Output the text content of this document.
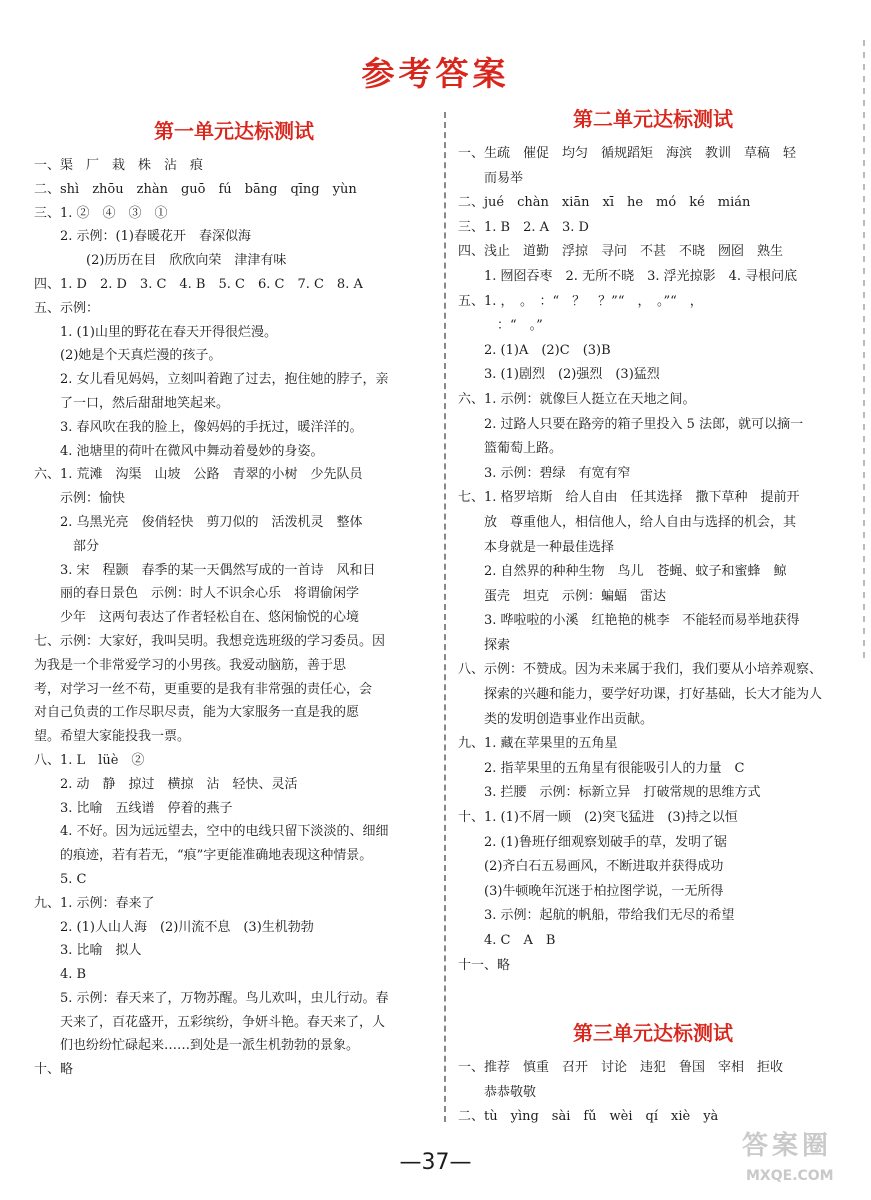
参考答案
第一单元达标测试
一、渠　厂　栽　株　沾　痕
二、shì　zhōu　zhàn　guō　fú　bāng　qīng　yùn
三、1. ②　④　③　①
　　2. 示例：(1)春暖花开　春深似海
　　　　(2)历历在目　欣欣向荣　津津有味
四、1. D　2. D　3. C　4. B　5. C　6. C　7. C　8. A
五、示例：
　　1. (1)山里的野花在春天开得很烂漫。
　　(2)她是个天真烂漫的孩子。
　　2. 女儿看见妈妈，立刻叫着跑了过去，抱住她的脖子，亲
　　了一口，然后甜甜地笑起来。
　　3. 春风吹在我的脸上，像妈妈的手抚过，暖洋洋的。
　　4. 池塘里的荷叶在微风中舞动着曼妙的身姿。
六、1. 荒滩　沟渠　山坡　公路　青翠的小树　少先队员
　　示例：愉快
　　2. 乌黑光亮　俊俏轻快　剪刀似的　活泼机灵　整体
　　　部分
　　3. 宋　程颢　春季的某一天偶然写成的一首诗　风和日
　　丽的春日景色　示例：时人不识余心乐　将谓偷闲学
　　少年　这两句表达了作者轻松自在、悠闲愉悦的心境
七、示例：大家好，我叫吴明。我想竞选班级的学习委员。因
为我是一个非常爱学习的小男孩。我爱动脑筋，善于思
考，对学习一丝不苟，更重要的是我有非常强的责任心，会
对自己负责的工作尽职尽责，能为大家服务一直是我的愿
望。希望大家能投我一票。
八、1. L　lüè　②
　　2. 动　静　掠过　横掠　沾　轻快、灵活
　　3. 比喻　五线谱　停着的燕子
　　4. 不好。因为远远望去，空中的电线只留下淡淡的、细细
　　的痕迹，若有若无，“痕”字更能准确地表现这种情景。
　　5. C
九、1. 示例：春来了
　　2. (1)人山人海　(2)川流不息　(3)生机勃勃
　　3. 比喻　拟人
　　4. B
　　5. 示例：春天来了，万物苏醒。鸟儿欢叫，虫儿行动。春
　　天来了，百花盛开，五彩缤纷，争妍斗艳。春天来了，人
　　们也纷纷忙碌起来……到处是一派生机勃勃的景象。
十、略
第二单元达标测试
一、生疏　催促　均匀　循规蹈矩　海滨　教训　草稿　轻
　　而易举
二、jué　chàn　xiān　xī　he　mó　ké　mián
三、1. B　2. A　3. D
四、浅止　道勤　浮掠　寻问　不甚　不晓　囫囵　熟生
　　1. 囫囵吞枣　2. 无所不晓　3. 浮光掠影　4. 寻根问底
五、1. ，　。　：“　？　？”“　，　。”“　，
　　　：“　。”
　　2. (1)A　(2)C　(3)B
　　3. (1)剧烈　(2)强烈　(3)猛烈
六、1. 示例：就像巨人挺立在天地之间。
　　2. 过路人只要在路旁的箱子里投入 5 法郎，就可以摘一
　　篮葡萄上路。
　　3. 示例：碧绿　有宽有窄
七、1. 格罗培斯　给人自由　任其选择　撒下草种　提前开
　　放　尊重他人，相信他人，给人自由与选择的机会，其
　　本身就是一种最佳选择
　　2. 自然界的种种生物　鸟儿　苍蝇、蚊子和蜜蜂　鲸
　　蛋壳　坦克　示例：蝙蝠　雷达
　　3. 哗啦啦的小溪　红艳艳的桃李　不能轻而易举地获得
　　探索
八、示例：不赞成。因为未来属于我们，我们要从小培养观察、
　　探索的兴趣和能力，要学好功课，打好基础，长大才能为人
　　类的发明创造事业作出贡献。
九、1. 藏在苹果里的五角星
　　2. 指苹果里的五角星有很能吸引人的力量　C
　　3. 拦腰　示例：标新立异　打破常规的思维方式
十、1. (1)不屑一顾　(2)突飞猛进　(3)持之以恒
　　2. (1)鲁班仔细观察划破手的草，发明了锯
　　(2)齐白石五易画风，不断进取并获得成功
　　(3)牛顿晚年沉迷于柏拉图学说，一无所得
　　3. 示例：起航的帆船，带给我们无尽的希望
　　4. C　A　B
十一、略
第三单元达标测试
一、推荐　慎重　召开　讨论　违犯　鲁国　宰相　拒收
　　恭恭敬敬
二、tù　yìng　sài　fǔ　wèi　qí　xiè　yà
—37—
答案圈
MXQE.COM
